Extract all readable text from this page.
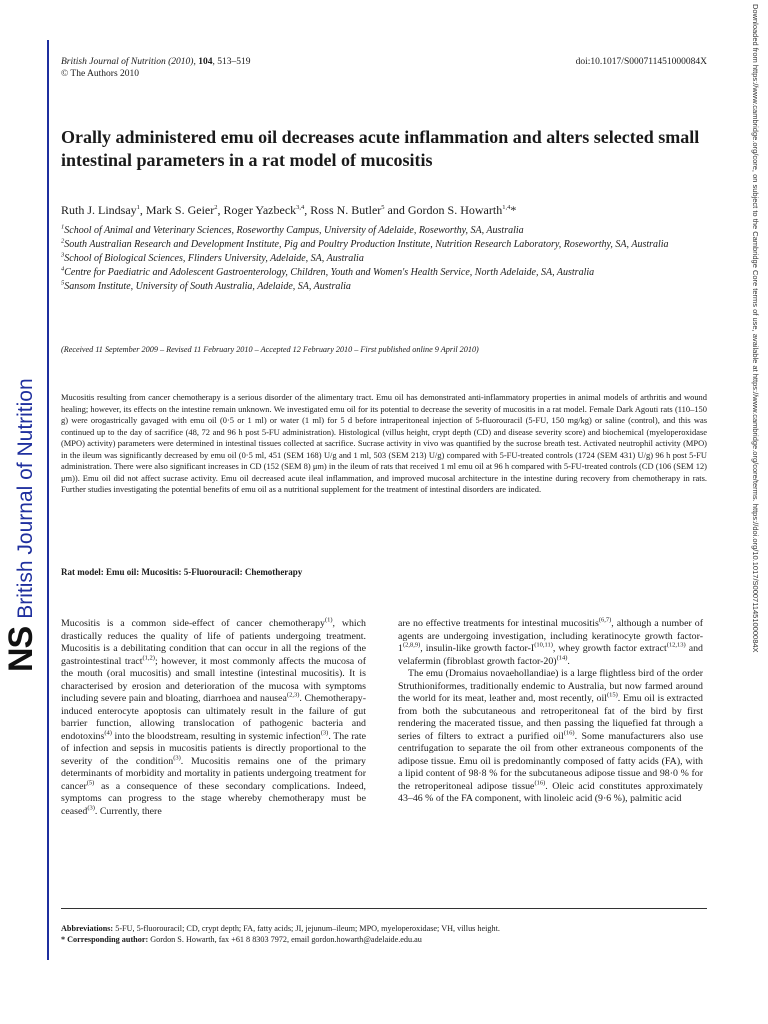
NS
British Journal of Nutrition	Downloaded from https://www.cambridge.org/core, on subject to the Cambridge Core terms of use, available at https://www.cambridge.org/core/terms. https://doi.org/10.1017/S000711451000084X
British Journal of Nutrition (2010), 104, 513–519
© The Authors 2010
doi:10.1017/S000711451000084X
Orally administered emu oil decreases acute inflammation and alters selected small intestinal parameters in a rat model of mucositis
Ruth J. Lindsay$^1$, Mark S. Geier$^2$, Roger Yazbeck$^{3,4}$, Ross N. Butler$^5$ and Gordon S. Howarth$^{1,4}$*

$^1$School of Animal and Veterinary Sciences, Roseworthy Campus, University of Adelaide, Roseworthy, SA, Australia

$^2$South Australian Research and Development Institute, Pig and Poultry Production Institute, Nutrition Research Laboratory, Roseworthy, SA, Australia

$^3$School of Biological Sciences, Flinders University, Adelaide, SA, Australia

$^4$Centre for Paediatric and Adolescent Gastroenterology, Children, Youth and Women's Health Service, North Adelaide, SA, Australia

$^5$Sansom Institute, University of South Australia, Adelaide, SA, Australia

(Received 11 September 2009 – Revised 11 February 2010 – Accepted 12 February 2010 – First published online 9 April 2010)

Mucositis resulting from cancer chemotherapy is a serious disorder of the alimentary tract. Emu oil has demonstrated anti-inflammatory properties in animal models of arthritis and wound healing; however, its effects on the intestine remain unknown. We investigated emu oil for its potential to decrease the severity of mucositis in a rat model. Female Dark Agouti rats (110–150 g) were orogastrically gavaged with emu oil (0·5 or 1 ml) or water (1 ml) for 5 d before intraperitoneal injection of 5-fluorouracil (5-FU, 150 mg/kg) or saline (control), and this was continued up to the day of sacrifice (48, 72 and 96 h post 5-FU administration). Histological (villus height, crypt depth (CD) and disease severity score) and biochemical (myeloperoxidase (MPO) activity) parameters were determined in intestinal tissues collected at sacrifice. Sucrase activity in vivo was quantified by the sucrose breath test. Activated neutrophil activity (MPO) in the ileum was significantly decreased by emu oil (0·5 ml, 451 (SEM 168) U/g and 1 ml, 503 (SEM 213) U/g) compared with 5-FU-treated controls (1724 (SEM 431) U/g) 96 h post 5-FU administration. There were also significant increases in CD (152 (SEM 8) μm) in the ileum of rats that received 1 ml emu oil at 96 h compared with 5-FU-treated controls (CD (106 (SEM 12) μm)). Emu oil did not affect sucrase activity. Emu oil decreased acute ileal inflammation, and improved mucosal architecture in the intestine during recovery from chemotherapy in rats. Further studies investigating the potential benefits of emu oil as a nutritional supplement for the treatment of intestinal disorders are indicated.

Rat model: Emu oil: Mucositis: 5-Fluorouracil: Chemotherapy

Mucositis is a common side-effect of cancer chemotherapy$^{(1)}$, which drastically reduces the quality of life of patients undergoing treatment. Mucositis is a debilitating condition that can occur in all the regions of the gastrointestinal tract$^{(1,2)}$; however, it most commonly affects the mucosa of the mouth (oral mucositis) and small intestine (intestinal mucositis). It is characterised by erosion and deterioration of the mucosa with symptoms including severe pain and bloating, diarrhoea and nausea$^{(2,3)}$. Chemotherapy-induced enterocyte apoptosis can ultimately result in the failure of gut barrier function, allowing translocation of pathogenic bacteria and endotoxins$^{(4)}$ into the bloodstream, resulting in systemic infection$^{(3)}$. The rate of infection and sepsis in mucositis patients is directly proportional to the severity of the condition$^{(3)}$. Mucositis remains one of the primary determinants of morbidity and mortality in patients undergoing treatment for cancer$^{(5)}$ as a consequence of these secondary complications. Indeed, symptoms can progress to the stage whereby chemotherapy must be ceased$^{(3)}$. Currently, there

are no effective treatments for intestinal mucositis$^{(6,7)}$, although a number of agents are undergoing investigation, including keratinocyte growth factor-1$^{(2,8,9)}$, insulin-like growth factor-$I^{(10,11)}$, whey growth factor extract$^{(12,13)}$ and velafermin (fibroblast growth factor-20)$^{(14)}$.

The emu (Dromaius novaehollandiae) is a large flightless bird of the order Struthioniformes, traditionally endemic to Australia, but now farmed around the world for its meat, leather and, most recently, oil$^{(15)}$. Emu oil is extracted from both the subcutaneous and retroperitoneal fat of the bird by first rendering the macerated tissue, and then passing the liquefied fat through a series of filters to extract a purified oil$^{(16)}$. Some manufacturers also use centrifugation to separate the oil from other extraneous components of the adipose tissue. Emu oil is predominantly composed of fatty acids (FA), with a lipid content of 98·8 % for the subcutaneous adipose tissue and 98·0 % for the retroperitoneal adipose tissue$^{(16)}$. Oleic acid constitutes approximately 43–46 % of the FA component, with linoleic acid (9·6 %), palmitic acid

Abbreviations: 5-FU, 5-fluorouracil; CD, crypt depth; FA, fatty acids; JI, jejunum–ileum; MPO, myeloperoxidase; VH, villus height.

* Corresponding author: Gordon S. Howarth, fax +61 8 8303 7972, email gordon.howarth@adelaide.edu.au
